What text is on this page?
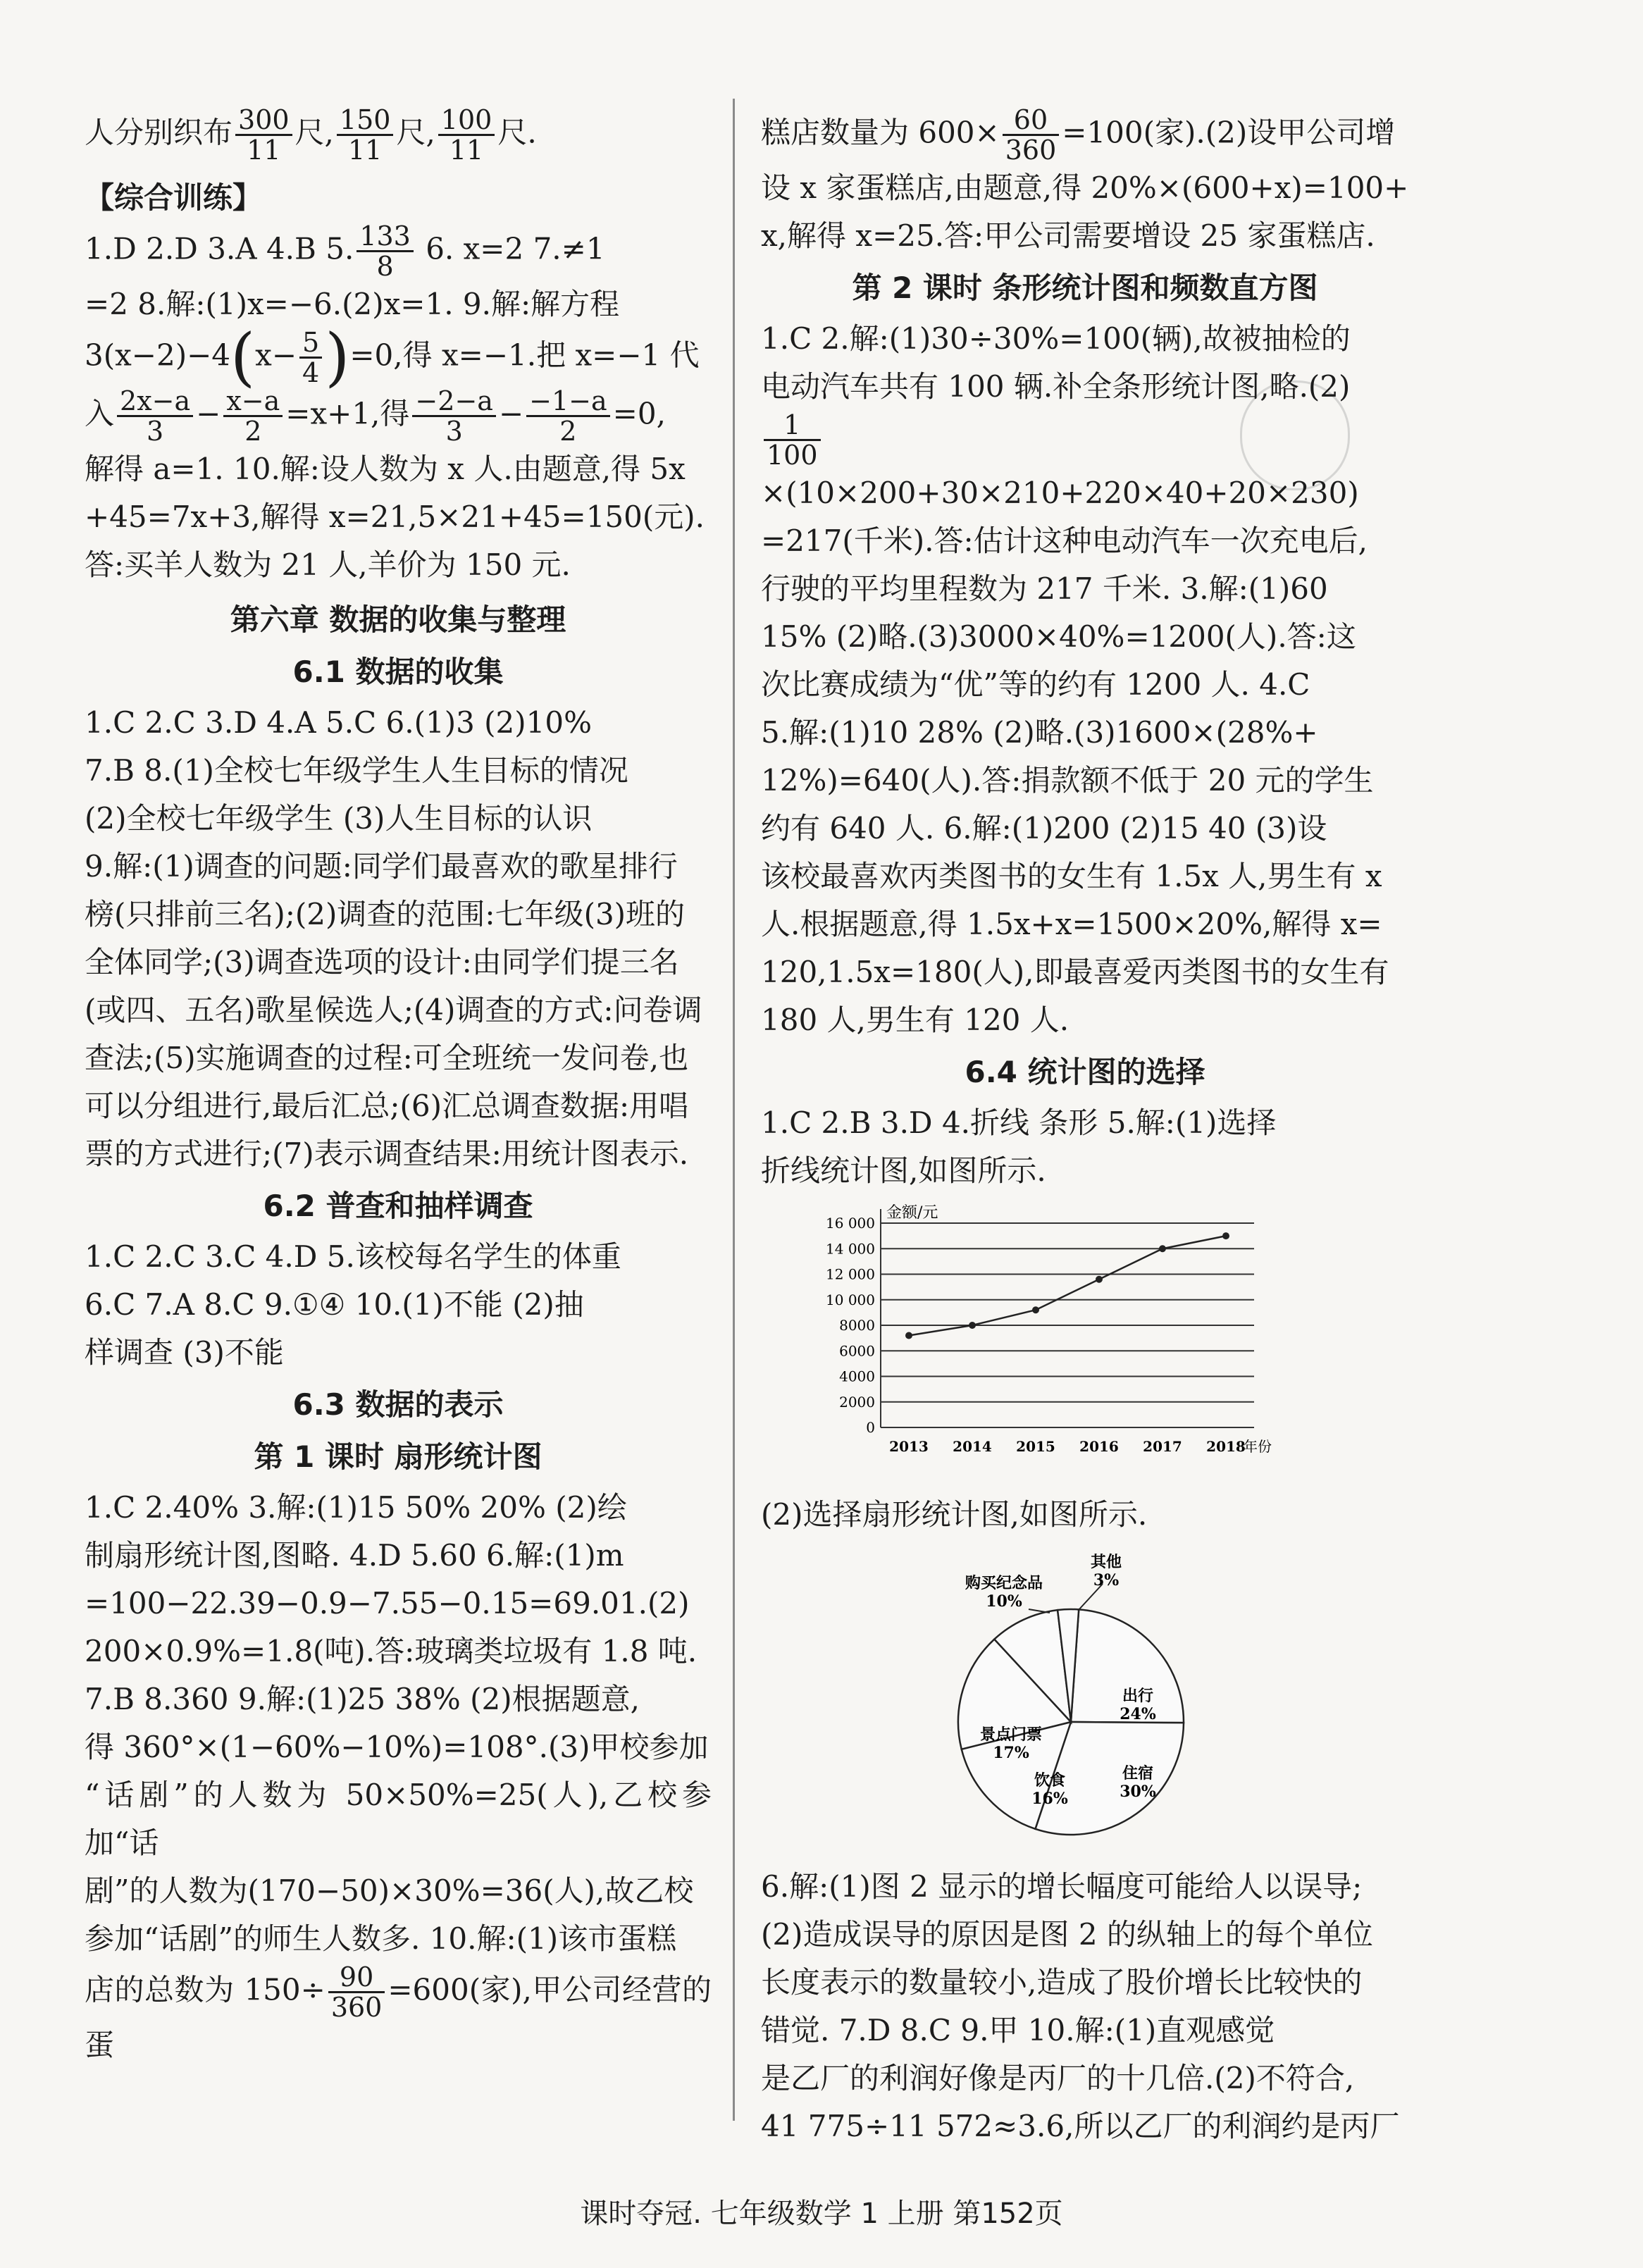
人分别织布 $\frac{300}{11}$ 尺, $\frac{150}{11}$ 尺, $\frac{100}{11}$ 尺.

【综合训练】

1.D 2.D 3.A 4.B 5. $\frac{133}{8} 6$. x=2 7.≠1

=2 8.解:(1)x=−6.(2)x=1. 9.解:解方程

$3(x-2)-4(x- \frac{5}{4} )=0$,得 x=−1.把 x=−1 代

入 $\frac{2x-a}{3} - \frac{x-a}{2} =x+1$,得 $\frac{-2-a}{3} - \frac{-1-a}{2} =0$,

解得 a=1. 10.解:设人数为 x 人.由题意,得 5x

+45=7x+3,解得 x=21,5×21+45=150(元).

答:买羊人数为 21 人,羊价为 150 元.

第六章 数据的收集与整理

6.1 数据的收集

1.C 2.C 3.D 4.A 5.C 6.(1)3 (2)10%

7.B 8.(1)全校七年级学生人生目标的情况

(2)全校七年级学生 (3)人生目标的认识

9.解:(1)调查的问题:同学们最喜欢的歌星排行

榜(只排前三名);(2)调查的范围:七年级(3)班的

全体同学;(3)调查选项的设计:由同学们提三名

(或四、五名)歌星候选人;(4)调查的方式:问卷调

查法;(5)实施调查的过程:可全班统一发问卷,也

可以分组进行,最后汇总;(6)汇总调查数据:用唱

票的方式进行;(7)表示调查结果:用统计图表示.

6.2 普查和抽样调查

1.C 2.C 3.C 4.D 5.该校每名学生的体重

6.C 7.A 8.C 9.①④ 10.(1)不能 (2)抽

样调查 (3)不能

6.3 数据的表示

第 1 课时 扇形统计图

1.C 2.40% 3.解:(1)15 50% 20% (2)绘

制扇形统计图,图略. 4.D 5.60 6.解:(1)m

=100−22.39−0.9−7.55−0.15=69.01.(2)

200×0.9%=1.8(吨).答:玻璃类垃圾有 1.8 吨.

7.B 8.360 9.解:(1)25 38% (2)根据题意,

得 360°×(1−60%−10%)=108°.(3)甲校参加

“话剧”的人数为 50×50%=25(人),乙校参加“话

剧”的人数为(170−50)×30%=36(人),故乙校

参加“话剧”的师生人数多. 10.解:(1)该市蛋糕

店的总数为 $150\div \frac{90}{360} =600$(家),甲公司经营的蛋

糕店数量为 $600\times \frac{60}{360} =100$(家).(2)设甲公司增

设 x 家蛋糕店,由题意,得 20%×(600+x)=100+

x,解得 x=25.答:甲公司需要增设 25 家蛋糕店.

第 2 课时 条形统计图和频数直方图

1.C 2.解:(1)30÷30%=100(辆),故被抽检的

电动汽车共有 100 辆.补全条形统计图,略.(2)

$\frac{1}{100}$
×(10×200+30×210+220×40+20×230)

=217(千米).答:估计这种电动汽车一次充电后,

行驶的平均里程数为 217 千米. 3.解:(1)60

15% (2)略.(3)3000×40%=1200(人).答:这

次比赛成绩为“优”等的约有 1200 人. 4.C

5.解:(1)10 28% (2)略.(3)1600×(28%+

12%)=640(人).答:捐款额不低于 20 元的学生

约有 640 人. 6.解:(1)200 (2)15 40 (3)设

该校最喜欢丙类图书的女生有 1.5x 人,男生有 x

人.根据题意,得 1.5x+x=1500×20%,解得 x=

120,1.5x=180(人),即最喜爱丙类图书的女生有

180 人,男生有 120 人.

6.4 统计图的选择

1.C 2.B 3.D 4.折线 条形 5.解:(1)选择

折线统计图,如图所示.

0
2000
4000
6000
8000
10 000
12 000
14 000
16 000
金额/元
2013 2014 2015 2016 2017 2018
年份

(2)选择扇形统计图,如图所示.

出行
24%
住宿
30%
饮食
16%
景点门票
17%
购买纪念品
10%
其他
3%

6.解:(1)图 2 显示的增长幅度可能给人以误导;

(2)造成误导的原因是图 2 的纵轴上的每个单位

长度表示的数量较小,造成了股价增长比较快的

错觉. 7.D 8.C 9.甲 10.解:(1)直观感觉

是乙厂的利润好像是丙厂的十几倍.(2)不符合,

41 775÷11 572≈3.6,所以乙厂的利润约是丙厂

课时夺冠. 七年级数学 1 上册 第152页
